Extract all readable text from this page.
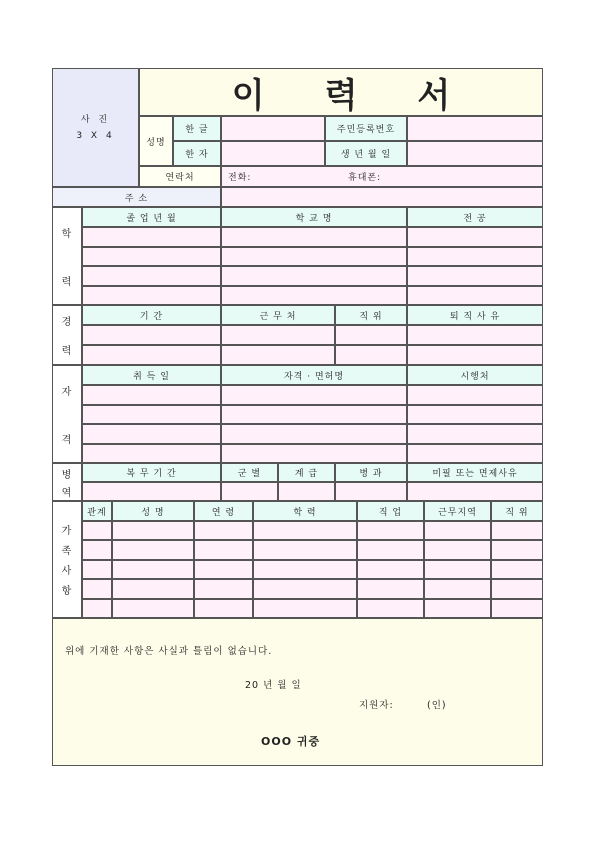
사 진
3 X 4
이력서
성명
한 글	주민등록번호
한 자	생 년 월 일
연락처	전화:	휴대폰:
주 소
학
력
졸 업 년 월	학 교 명	전 공
경
력
기 간	근 무 처	직 위	퇴 직 사 유
자
격
취 득 일	자격 · 면허명	시행처
병
역
복 무 기 간	군 별	계 급	병 과	미필 또는 면제사유
가
족
사
항
관계	성 명	연 령	학 력	직 업	근무지역	직 위
위에 기재한 사항은 사실과 틀림이 없습니다.
20 년 월 일
지원자:	(인)
OOO 귀중
